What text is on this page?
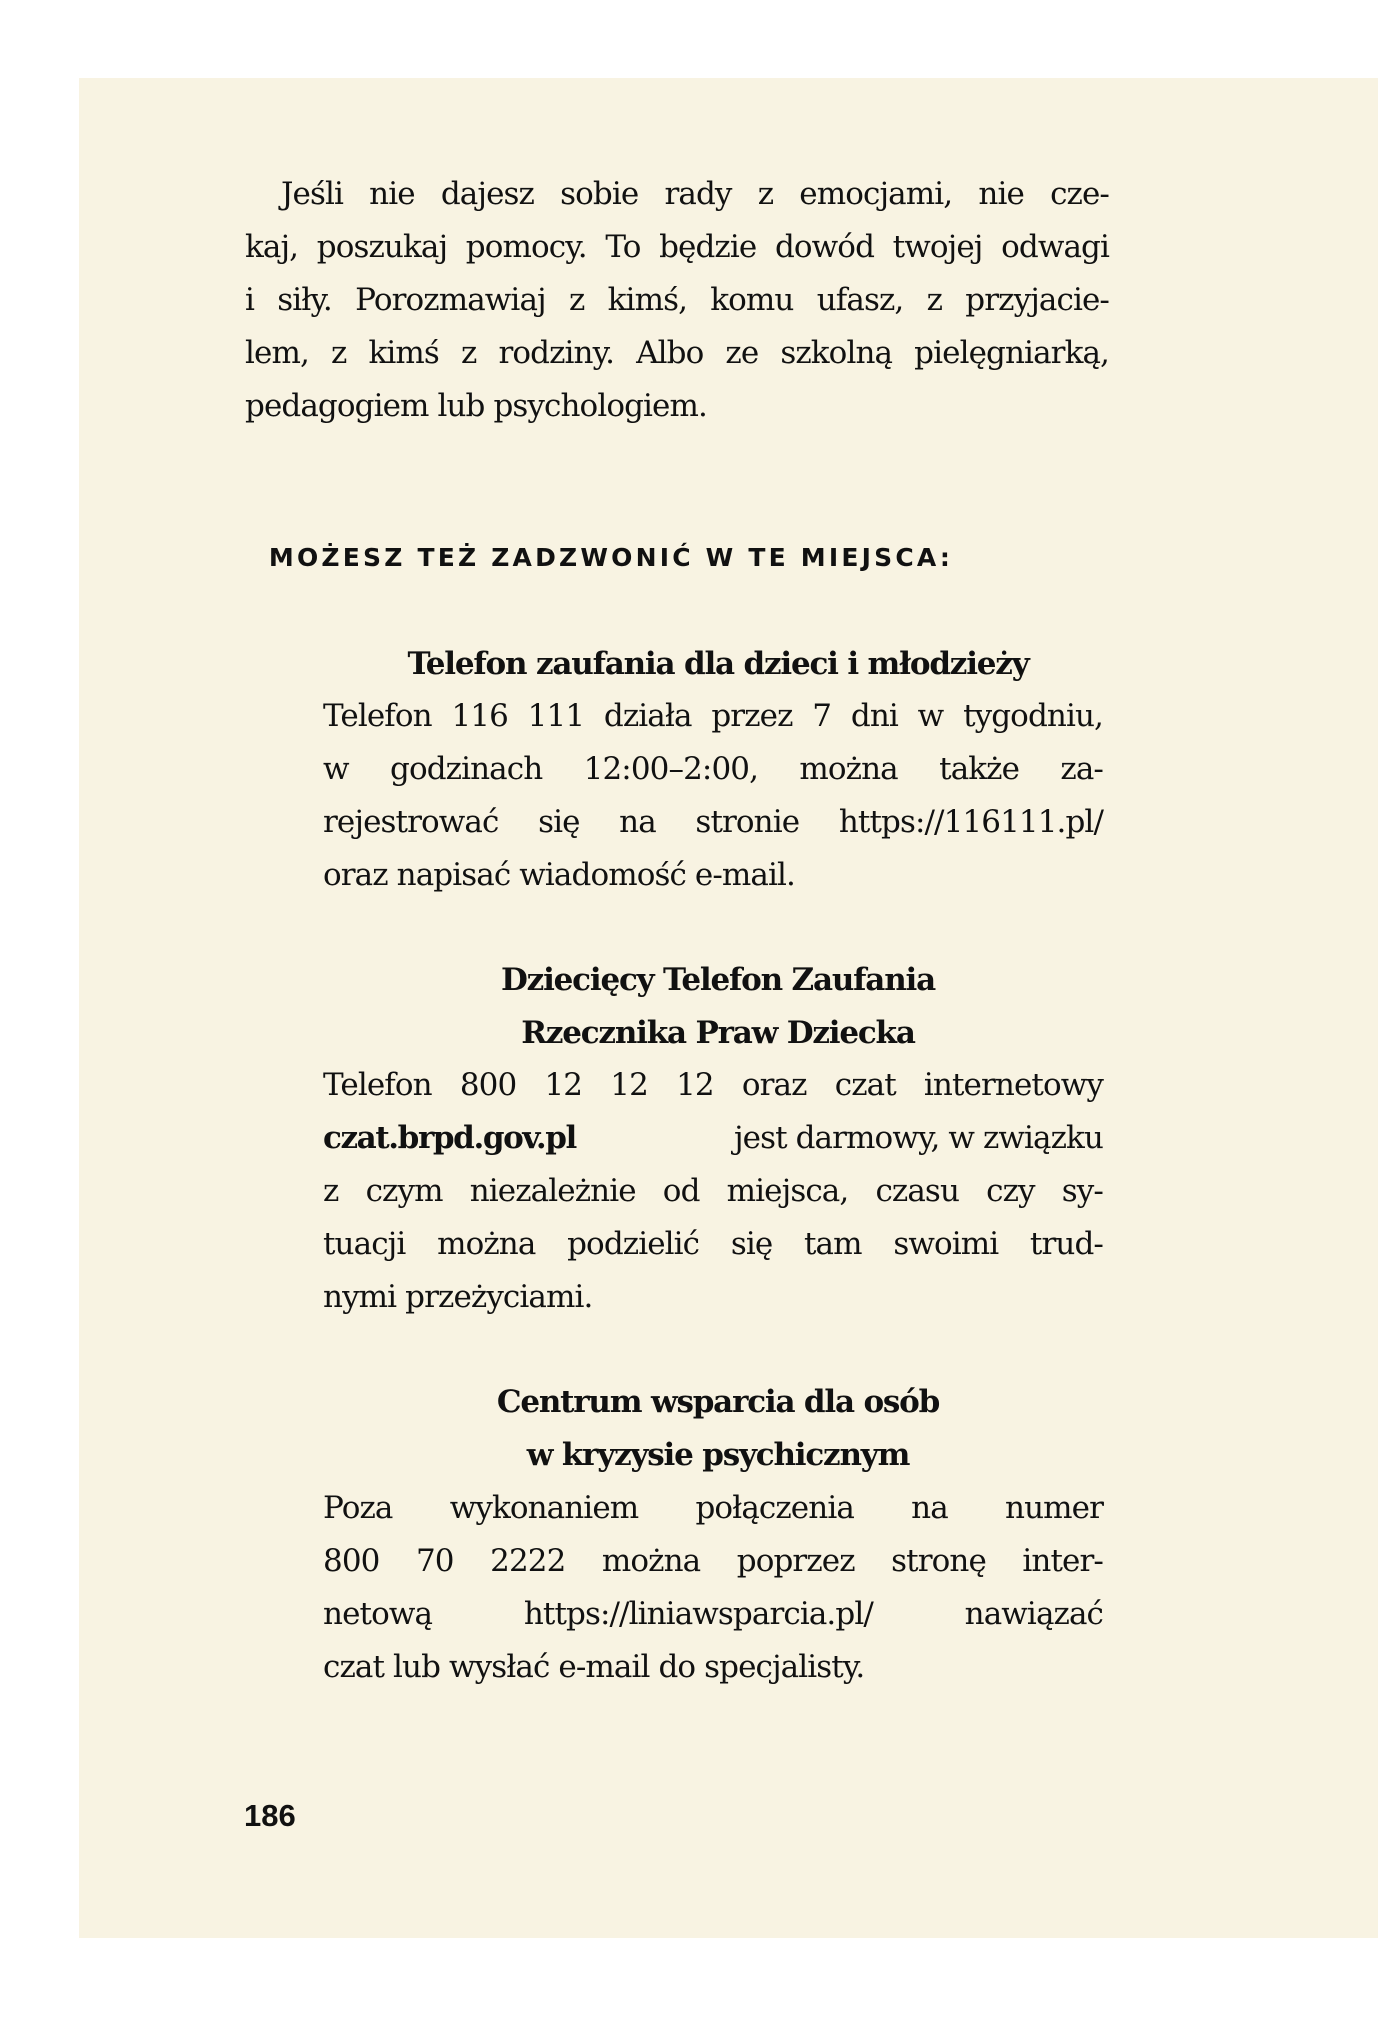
Jeśli nie dajesz sobie rady z emocjami, nie cze-
kaj, poszukaj pomocy. To będzie dowód twojej odwagi
i siły. Porozmawiaj z kimś, komu ufasz, z przyjacie-
lem, z kimś z rodziny. Albo ze szkolną pielęgniarką,
pedagogiem lub psychologiem.
MOŻESZ TEŻ ZADZWONIĆ W TE MIEJSCA:
Telefon zaufania dla dzieci i młodzieży
Telefon 116 111 działa przez 7 dni w tygodniu,
w godzinach 12:00–2:00, można także za-
rejestrować się na stronie https://116111.pl/
oraz napisać wiadomość e-mail.
Dziecięcy Telefon Zaufania
Rzecznika Praw Dziecka
Telefon 800 12 12 12 oraz czat internetowy
czat.brpd.gov.pl	jest darmowy, w związku
z czym niezależnie od miejsca, czasu czy sy-
tuacji można podzielić się tam swoimi trud-
nymi przeżyciami.
Centrum wsparcia dla osób
w kryzysie psychicznym
Poza wykonaniem połączenia na numer
800 70 2222 można poprzez stronę inter-
netową https://liniawsparcia.pl/ nawiązać
czat lub wysłać e-mail do specjalisty.
186
